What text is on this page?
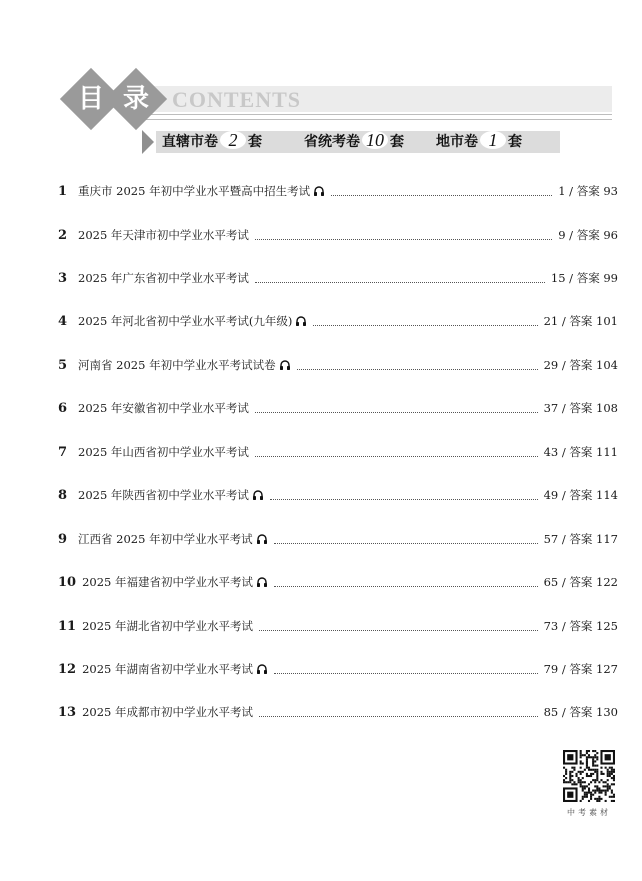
目 录	CONTENTS
直辖市卷 2 套	省统考卷 10 套	地市卷 1 套
1 重庆市 2025 年初中学业水平暨高中招生考试	1 / 答案 93
2 2025 年天津市初中学业水平考试	9 / 答案 96
3 2025 年广东省初中学业水平考试	15 / 答案 99
4 2025 年河北省初中学业水平考试(九年级)	21 / 答案 101
5 河南省 2025 年初中学业水平考试试卷	29 / 答案 104
6 2025 年安徽省初中学业水平考试	37 / 答案 108
7 2025 年山西省初中学业水平考试	43 / 答案 111
8 2025 年陕西省初中学业水平考试	49 / 答案 114
9 江西省 2025 年初中学业水平考试	57 / 答案 117
10 2025 年福建省初中学业水平考试	65 / 答案 122
11 2025 年湖北省初中学业水平考试	73 / 答案 125
12 2025 年湖南省初中学业水平考试	79 / 答案 127
13 2025 年成都市初中学业水平考试	85 / 答案 130
中考素材
